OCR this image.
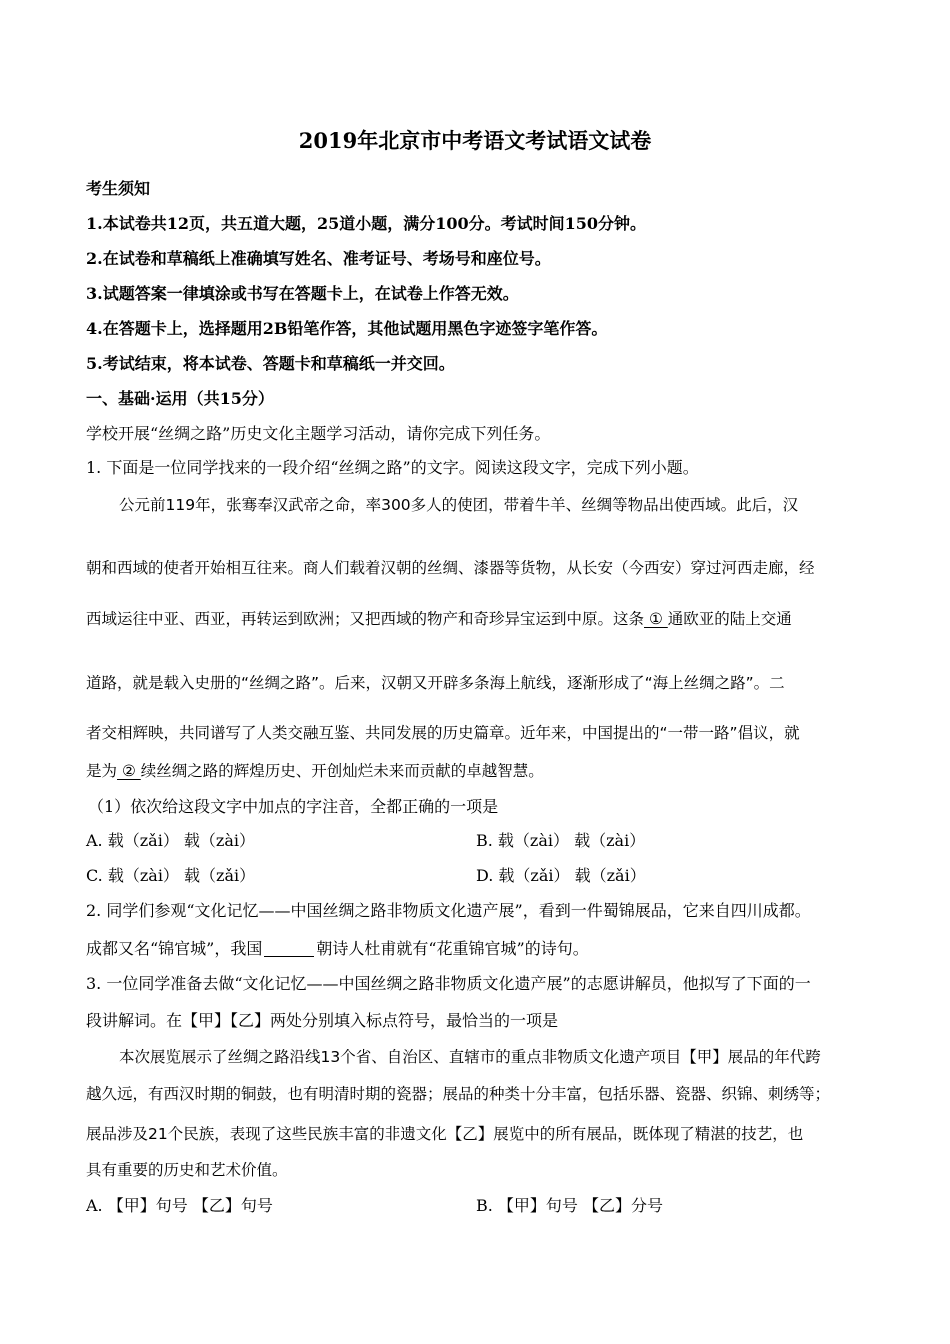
2019年北京市中考语文考试语文试卷
考生须知
1.本试卷共12页，共五道大题，25道小题，满分100分。考试时间150分钟。
2.在试卷和草稿纸上准确填写姓名、准考证号、考场号和座位号。
3.试题答案一律填涂或书写在答题卡上，在试卷上作答无效。
4.在答题卡上，选择题用2B铅笔作答，其他试题用黑色字迹签字笔作答。
5.考试结束，将本试卷、答题卡和草稿纸一并交回。
一、基础·运用（共15分）
学校开展“丝绸之路”历史文化主题学习活动，请你完成下列任务。
1. 下面是一位同学找来的一段介绍“丝绸之路”的文字。阅读这段文字，完成下列小题。
公元前119年，张骞奉汉武帝之命，率300多人的使团，带着牛羊、丝绸等物品出使西域。此后，汉
朝和西域的使者开始相互往来。商人们载着汉朝的丝绸、漆器等货物，从长安（今西安）穿过河西走廊，经
西域运往中亚、西亚，再转运到欧洲；又把西域的物产和奇珍异宝运到中原。这条 ① 通欧亚的陆上交通
道路，就是载入史册的“丝绸之路”。后来，汉朝又开辟多条海上航线，逐渐形成了“海上丝绸之路”。二
者交相辉映，共同谱写了人类交融互鉴、共同发展的历史篇章。近年来，中国提出的“一带一路”倡议，就
是为 ② 续丝绸之路的辉煌历史、开创灿烂未来而贡献的卓越智慧。
（1）依次给这段文字中加点的字注音，全都正确的一项是
A. 载（zǎi） 载（zài）	B. 载（zài） 载（zài）
C. 载（zài） 载（zǎi）	D. 载（zǎi） 载（zǎi）
2. 同学们参观“文化记忆——中国丝绸之路非物质文化遗产展”，看到一件蜀锦展品，它来自四川成都。
成都又名“锦官城”，我国	朝诗人杜甫就有“花重锦官城”的诗句。
3. 一位同学准备去做“文化记忆——中国丝绸之路非物质文化遗产展”的志愿讲解员，他拟写了下面的一
段讲解词。在【甲】【乙】两处分别填入标点符号，最恰当的一项是
本次展览展示了丝绸之路沿线13个省、自治区、直辖市的重点非物质文化遗产项目【甲】展品的年代跨
越久远，有西汉时期的铜鼓，也有明清时期的瓷器；展品的种类十分丰富，包括乐器、瓷器、织锦、刺绣等；
展品涉及21个民族，表现了这些民族丰富的非遗文化【乙】展览中的所有展品，既体现了精湛的技艺，也
具有重要的历史和艺术价值。
A. 【甲】句号 【乙】句号	B. 【甲】句号 【乙】分号
